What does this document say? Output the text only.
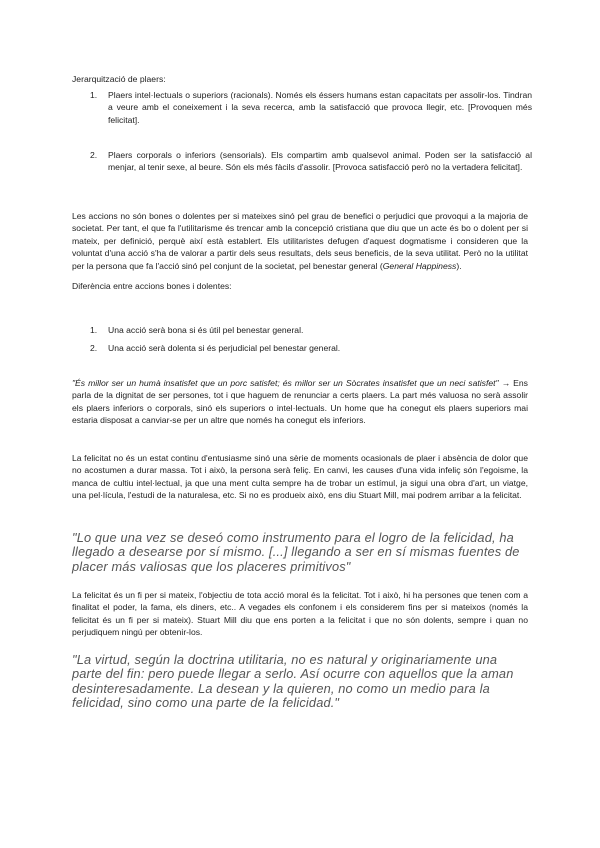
Jerarquització de plaers:
1. Plaers intel·lectuals o superiors (racionals). Només els éssers humans estan capacitats per assolir-los. Tindran a veure amb el coneixement i la seva recerca, amb la satisfacció que provoca llegir, etc. [Provoquen més felicitat].
2. Plaers corporals o inferiors (sensorials). Els compartim amb qualsevol animal. Poden ser la satisfacció al menjar, al tenir sexe, al beure. Són els més fàcils d'assolir. [Provoca satisfacció però no la vertadera felicitat].

Les accions no són bones o dolentes per si mateixes sinó pel grau de benefici o perjudici que provoqui a la majoria de societat. Per tant, el que fa l'utilitarisme és trencar amb la concepció cristiana que diu que un acte és bo o dolent per si mateix, per definició, perquè així està establert. Els utilitaristes defugen d'aquest dogmatisme i consideren que la voluntat d'una acció s'ha de valorar a partir dels seus resultats, dels seus beneficis, de la seva utilitat. Però no la utilitat per la persona que fa l'acció sinó pel conjunt de la societat, pel benestar general (General Happiness).

Diferència entre accions bones i dolentes:
1. Una acció serà bona si és útil pel benestar general.
2. Una acció serà dolenta si és perjudicial pel benestar general.

"És millor ser un humà insatisfet que un porc satisfet; és millor ser un Sòcrates insatisfet que un neci satisfet" → Ens parla de la dignitat de ser persones, tot i que haguem de renunciar a certs plaers. La part més valuosa no serà assolir els plaers inferiors o corporals, sinó els superiors o intel·lectuals. Un home que ha conegut els plaers superiors mai estaria disposat a canviar-se per un altre que només ha conegut els inferiors.

La felicitat no és un estat continu d'entusiasme sinó una sèrie de moments ocasionals de plaer i absència de dolor que no acostumen a durar massa. Tot i això, la persona serà feliç. En canvi, les causes d'una vida infeliç són l'egoisme, la manca de cultiu intel·lectual, ja que una ment culta sempre ha de trobar un estímul, ja sigui una obra d'art, un viatge, una pel·lícula, l'estudi de la naturalesa, etc. Si no es produeix això, ens diu Stuart Mill, mai podrem arribar a la felicitat.

"Lo que una vez se deseó como instrumento para el logro de la felicidad, ha llegado a desearse por sí mismo. [...] llegando a ser en sí mismas fuentes de placer más valiosas que los placeres primitivos"

La felicitat és un fi per si mateix, l'objectiu de tota acció moral és la felicitat. Tot i això, hi ha persones que tenen com a finalitat el poder, la fama, els diners, etc.. A vegades els confonem i els considerem fins per si mateixos (només la felicitat és un fi per si mateix). Stuart Mill diu que ens porten a la felicitat i que no són dolents, sempre i quan no perjudiquem ningú per obtenir-los.

"La virtud, según la doctrina utilitaria, no es natural y originariamente una parte del fin: pero puede llegar a serlo. Así ocurre con aquellos que la aman desinteresadamente. La desean y la quieren, no como un medio para la felicidad, sino como una parte de la felicidad."
